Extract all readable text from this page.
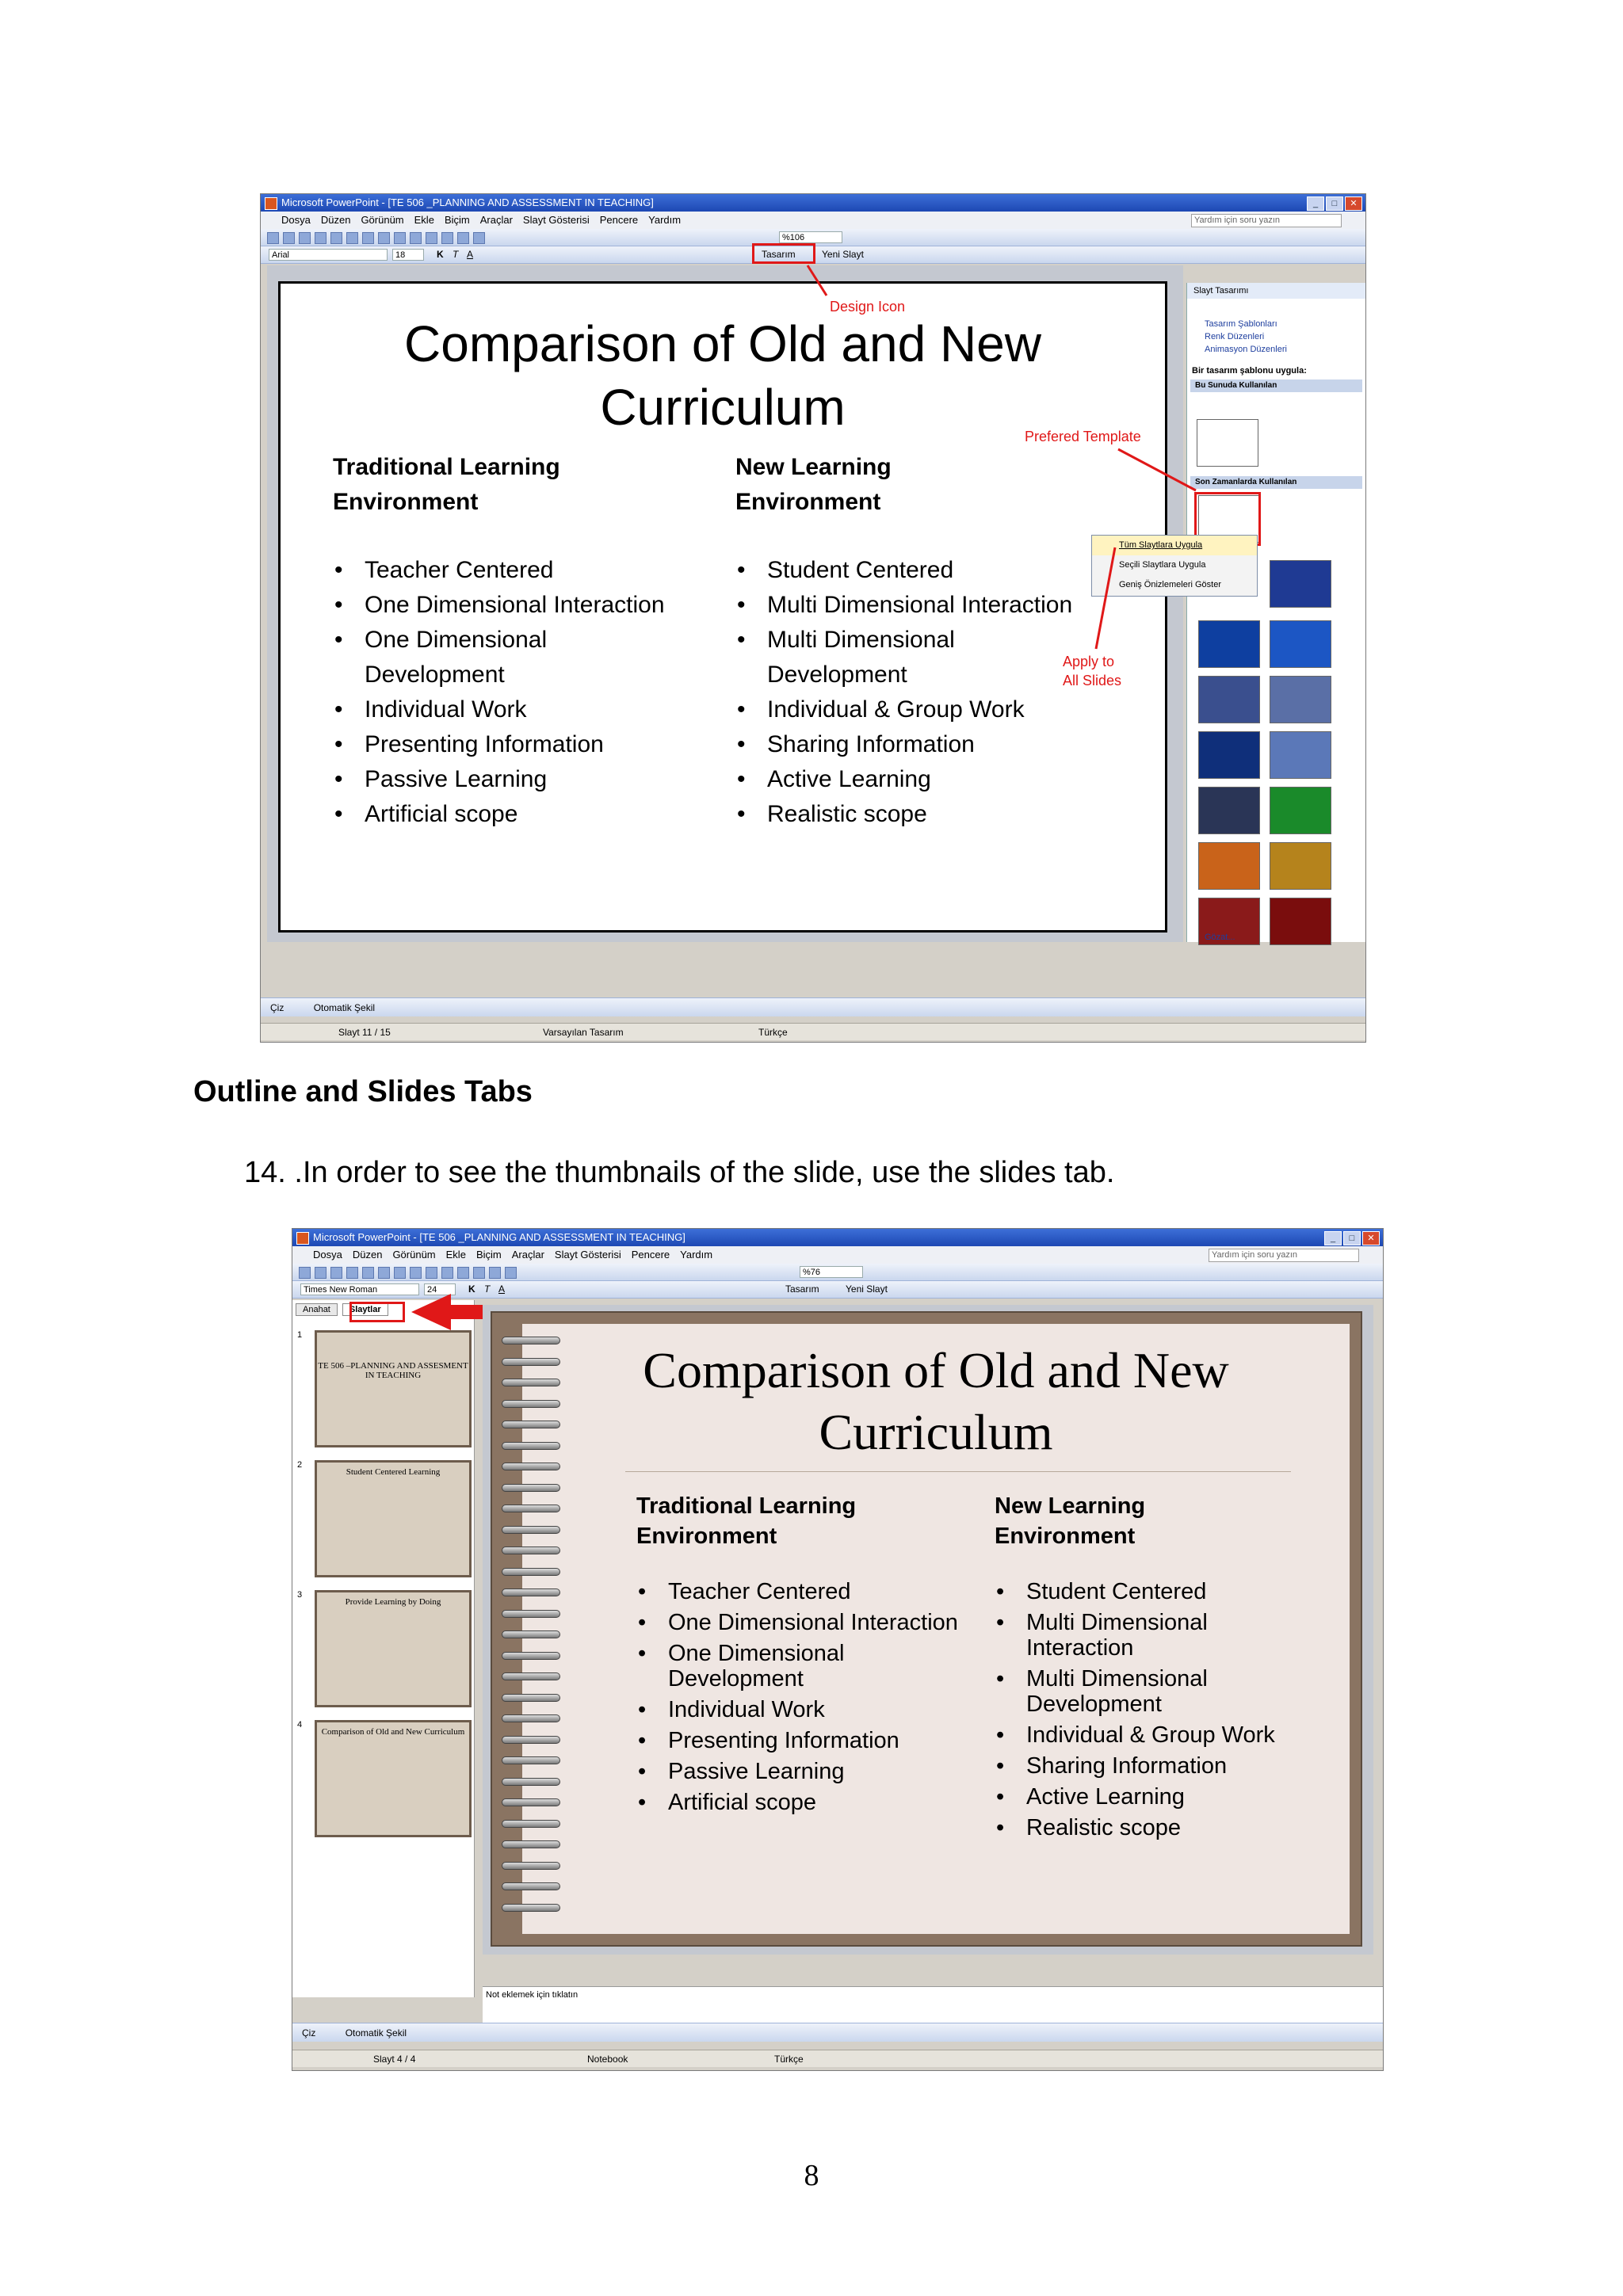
Microsoft PowerPoint - [TE 506 _PLANNING AND ASSESSMENT IN TEACHING]	_	□	✕
Dosya Düzen Görünüm Ekle Biçim Araçlar Slayt Gösterisi Pencere Yardım	Yardım için soru yazın
%106
Arial	18	K T A	Tasarım	Yeni Slayt
Comparison of Old and New
Curriculum
Traditional Learning
Environment
New Learning
Environment
• Teacher Centered
• One Dimensional Interaction
• One Dimensional Development
• Individual Work
• Presenting Information
• Passive Learning
• Artificial scope
• Student Centered
• Multi Dimensional Interaction
• Multi Dimensional Development
• Individual & Group Work
• Sharing Information
• Active Learning
• Realistic scope
Slayt Tasarımı
Tasarım Şablonları
Renk Düzenleri
Animasyon Düzenleri
Bir tasarım şablonu uygula:
Bu Sunuda Kullanılan
Son Zamanlarda Kullanılan
Gözat...
Tüm Slaytlara Uygula
Seçili Slaytlara Uygula
Geniş Önizlemeleri Göster
Design Icon
Prefered Template
Apply to
All Slides
Çiz	Otomatik Şekil
Slayt 11 / 15	Varsayılan Tasarım	Türkçe
Outline and Slides Tabs
14. .In order to see the thumbnails of the slide, use the slides tab.
Microsoft PowerPoint - [TE 506 _PLANNING AND ASSESSMENT IN TEACHING]	_	□	✕
Dosya Düzen Görünüm Ekle Biçim Araçlar Slayt Gösterisi Pencere Yardım	Yardım için soru yazın
%76
Times New Roman	24	K T A	Tasarım	Yeni Slayt
Anahat	Slaytlar
1
TE 506 –PLANNING AND ASSESMENT IN TEACHING
2
Student Centered Learning
3
Provide Learning by Doing
4
Comparison of Old and New Curriculum
Comparison of Old and New
Curriculum
Traditional Learning
Environment
New Learning
Environment
• Teacher Centered
• One Dimensional Interaction
• One Dimensional Development
• Individual Work
• Presenting Information
• Passive Learning
• Artificial scope
• Student Centered
• Multi Dimensional Interaction
• Multi Dimensional Development
• Individual & Group Work
• Sharing Information
• Active Learning
• Realistic scope
Not eklemek için tıklatın
Çiz	Otomatik Şekil
Slayt 4 / 4	Notebook	Türkçe
8
